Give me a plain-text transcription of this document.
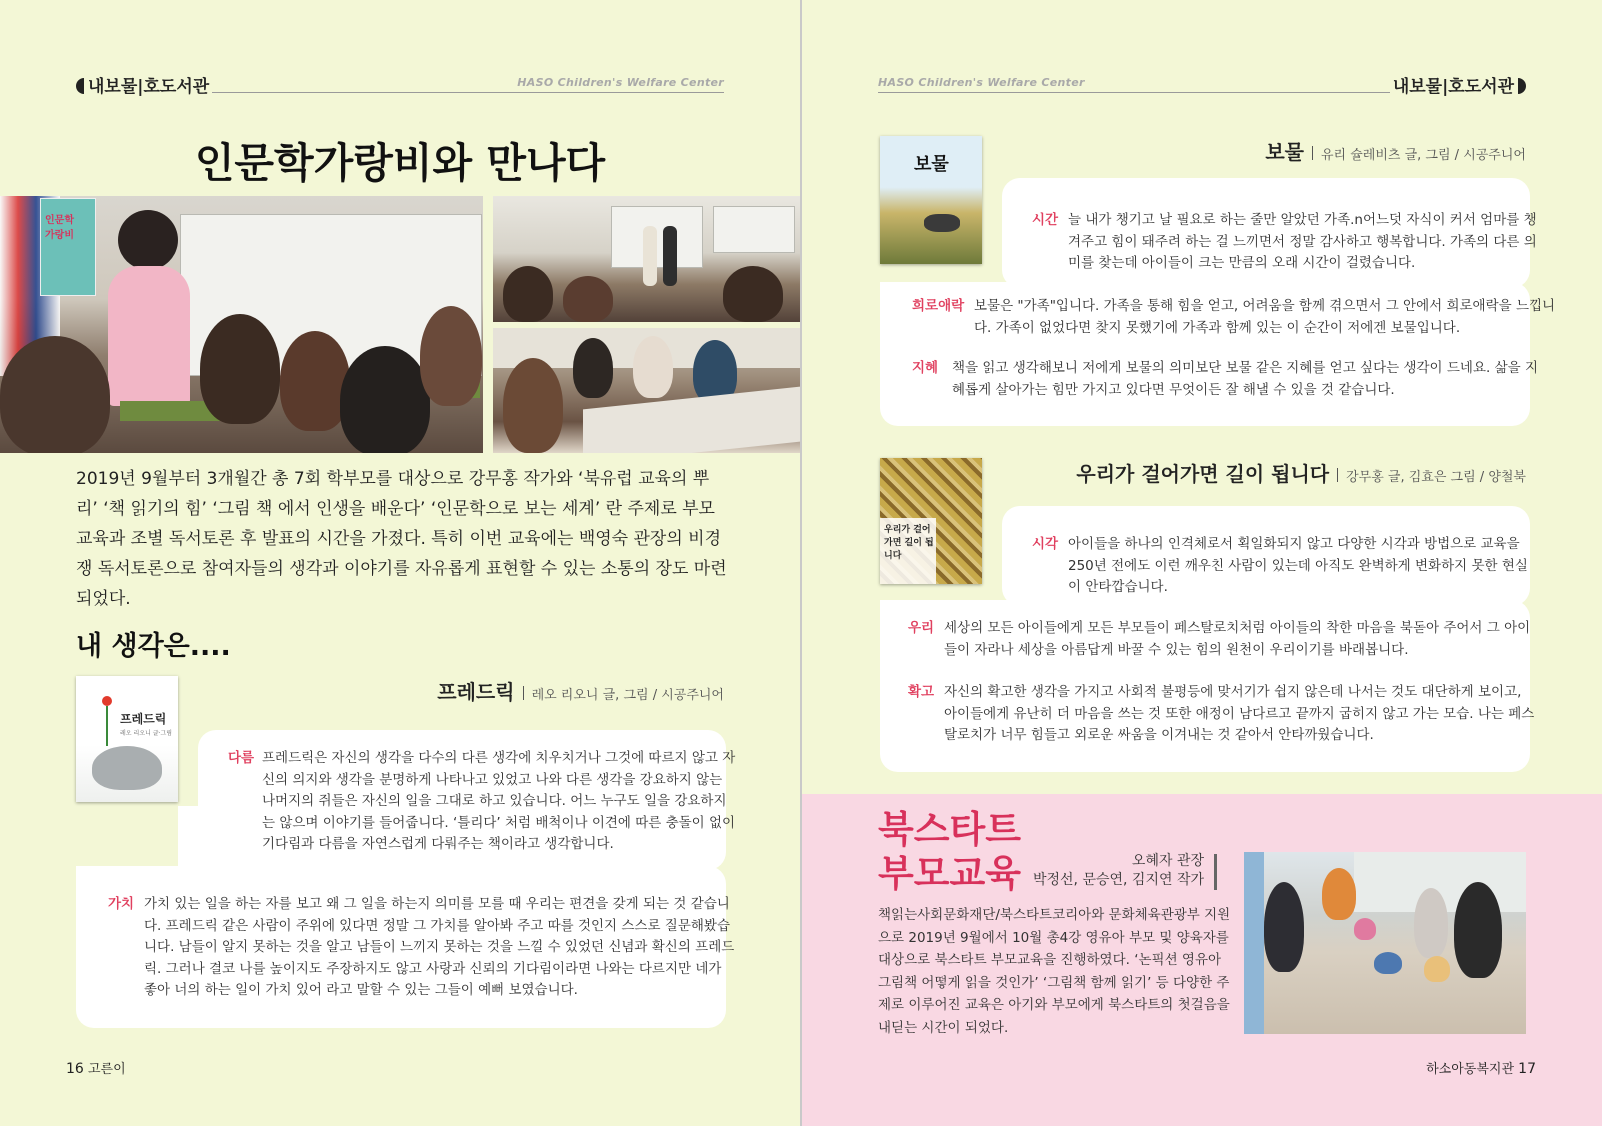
내보물|호도서관	HASO Children's Welfare Center
인문학가랑비와 만나다
인문학
가랑비
2019년 9월부터 3개월간 총 7회 학부모를 대상으로 강무홍 작가와 ‘북유럽 교육의 뿌리’ ‘책 읽기의 힘’ ‘그림 책 에서 인생을 배운다’ ‘인문학으로 보는 세계’ 란 주제로 부모교육과 조별 독서토론 후 발표의 시간을 가졌다. 특히 이번 교육에는 백영숙 관장의 비경쟁 독서토론으로 참여자들의 생각과 이야기를 자유롭게 표현할 수 있는 소통의 장도 마련되었다.
내 생각은....
프레드릭
레오 리오니 글·그림
프레드릭 레오 리오니 글, 그림 / 시공주니어
다름 프레드릭은 자신의 생각을 다수의 다른 생각에 치우치거나 그것에 따르지 않고 자신의 의지와 생각을 분명하게 나타나고 있었고 나와 다른 생각을 강요하지 않는 나머지의 쥐들은 자신의 일을 그대로 하고 있습니다. 어느 누구도 일을 강요하지는 않으며 이야기를 들어줍니다. ‘틀리다’ 처럼 배척이나 이견에 따른 충돌이 없이 기다림과 다름을 자연스럽게 다뤄주는 책이라고 생각합니다.
가치 가치 있는 일을 하는 자를 보고 왜 그 일을 하는지 의미를 모를 때 우리는 편견을 갖게 되는 것 같습니다. 프레드릭 같은 사람이 주위에 있다면 정말 그 가치를 알아봐 주고 따를 것인지 스스로 질문해봤습니다. 남들이 알지 못하는 것을 알고 남들이 느끼지 못하는 것을 느낄 수 있었던 신념과 확신의 프레드릭. 그러나 결코 나를 높이지도 주장하지도 않고 사랑과 신뢰의 기다림이라면 나와는 다르지만 네가 좋아 너의 하는 일이 가치 있어 라고 말할 수 있는 그들이 예뻐 보였습니다.
16 고른이
HASO Children's Welfare Center	내보물|호도서관
보물
보물 유리 슐레비츠 글, 그림 / 시공주니어
시간 늘 내가 챙기고 날 필요로 하는 줄만 알았던 가족.n어느덧 자식이 커서 엄마를 챙겨주고 힘이 돼주려 하는 걸 느끼면서 정말 감사하고 행복합니다. 가족의 다른 의미를 찾는데 아이들이 크는 만큼의 오래 시간이 걸렸습니다.
희로애락 보물은 "가족"입니다. 가족을 통해 힘을 얻고, 어려움을 함께 겪으면서 그 안에서 희로애락을 느낍니다. 가족이 없었다면 찾지 못했기에 가족과 함께 있는 이 순간이 저에겐 보물입니다.
지혜 책을 읽고 생각해보니 저에게 보물의 의미보단 보물 같은 지혜를 얻고 싶다는 생각이 드네요. 삶을 지혜롭게 살아가는 힘만 가지고 있다면 무엇이든 잘 해낼 수 있을 것 같습니다.
우리가 걸어가면 길이 됩니다
우리가 걸어가면 길이 됩니다 강무홍 글, 김효은 그림 / 양철북
시각 아이들을 하나의 인격체로서 획일화되지 않고 다양한 시각과 방법으로 교육을 250년 전에도 이런 깨우친 사람이 있는데 아직도 완벽하게 변화하지 못한 현실이 안타깝습니다.
우리 세상의 모든 아이들에게 모든 부모들이 페스탈로치처럼 아이들의 착한 마음을 북돋아 주어서 그 아이들이 자라나 세상을 아름답게 바꿀 수 있는 힘의 원천이 우리이기를 바래봅니다.
확고 자신의 확고한 생각을 가지고 사회적 불평등에 맞서기가 쉽지 않은데 나서는 것도 대단하게 보이고, 아이들에게 유난히 더 마음을 쓰는 것 또한 애정이 남다르고 끝까지 굽히지 않고 가는 모습. 나는 페스탈로치가 너무 힘들고 외로운 싸움을 이겨내는 것 같아서 안타까웠습니다.
북스타트
부모교육	오혜자 관장
박정선, 문승연, 김지연 작가
책읽는사회문화재단/북스타트코리아와 문화체육관광부 지원으로 2019년 9월에서 10월 총4강 영유아 부모 및 양육자를 대상으로 북스타트 부모교육을 진행하였다. ‘논픽션 영유아 그림책 어떻게 읽을 것인가’ ‘그림책 함께 읽기’ 등 다양한 주제로 이루어진 교육은 아기와 부모에게 북스타트의 첫걸음을 내딛는 시간이 되었다.
하소아동복지관 17
